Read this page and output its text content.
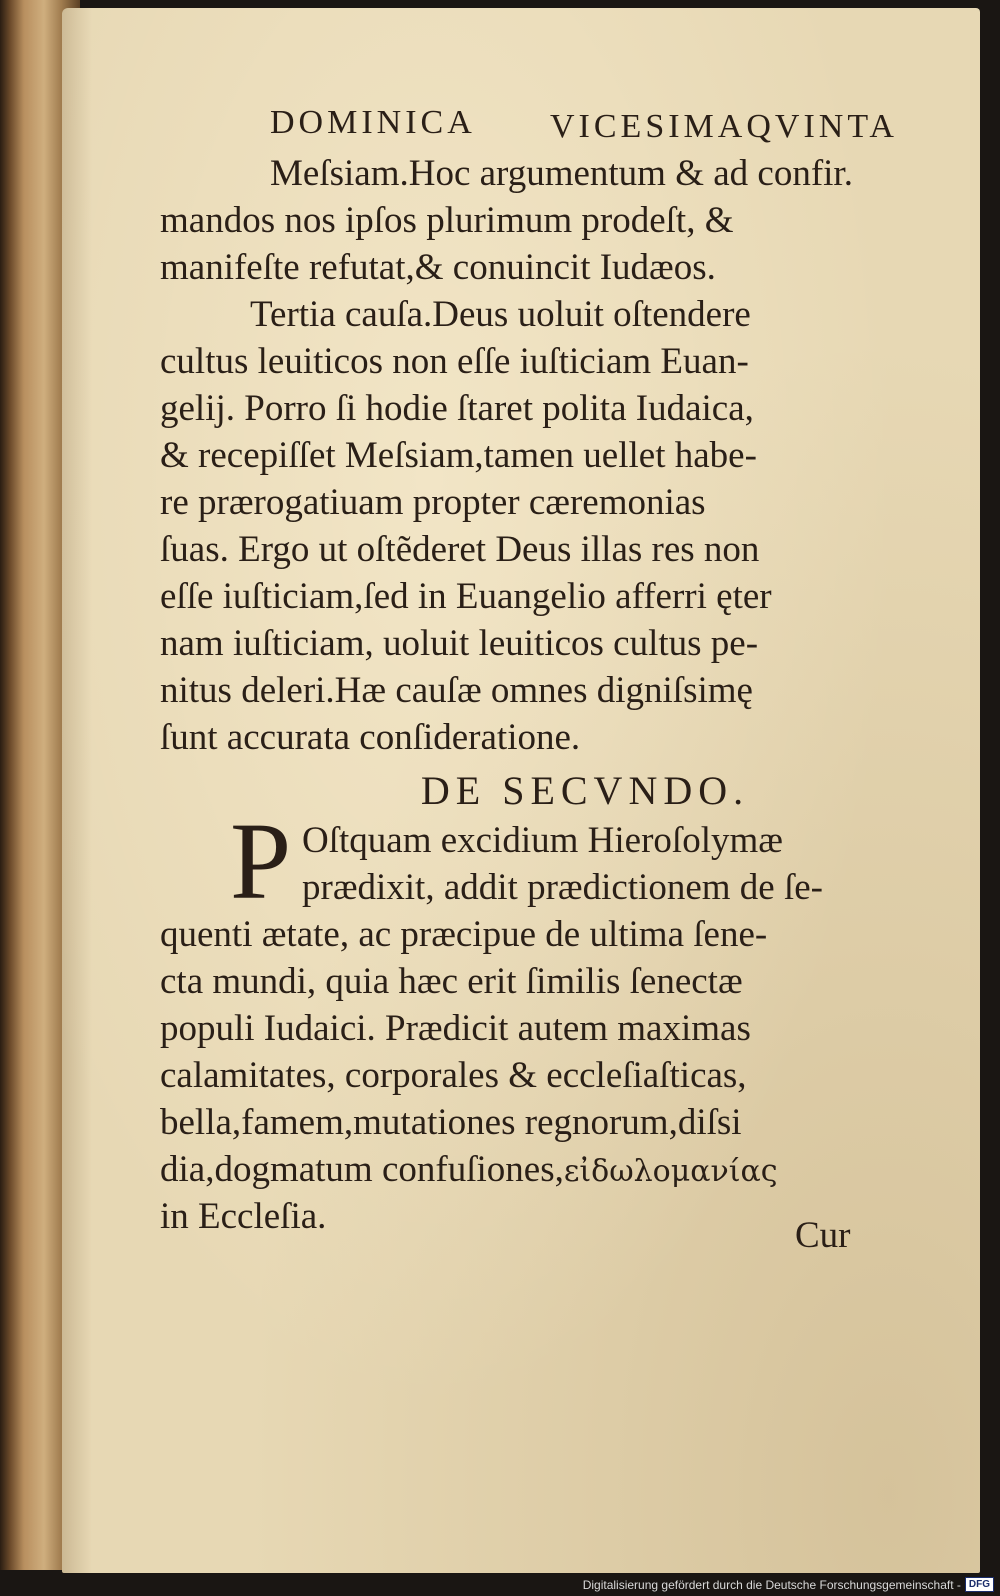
DOMINICA VICESIMAQVINTA
Meſsiam.Hoc argumentum & ad confir.
mandos nos ipſos plurimum prodeſt, &
manifeſte refutat,& conuincit Iudæos.
Tertia cauſa.Deus uoluit oſtendere
cultus leuiticos non eſſe iuſticiam Euan-
gelij. Porro ſi hodie ſtaret polita Iudaica,
& recepiſſet Meſsiam,tamen uellet habe-
re prærogatiuam propter cæremonias
ſuas. Ergo ut oſtẽderet Deus illas res non
eſſe iuſticiam,ſed in Euangelio afferri ęter
nam iuſticiam, uoluit leuiticos cultus pe-
nitus deleri.Hæ cauſæ omnes digniſsimę
ſunt accurata conſideratione.
DE SECVNDO.
P Oſtquam excidium Hieroſolymæ
prædixit, addit prædictionem de ſe-
quenti ætate, ac præcipue de ultima ſene-
cta mundi, quia hæc erit ſimilis ſenectæ
populi Iudaici. Prædicit autem maximas
calamitates, corporales & eccleſiaſticas,
bella,famem,mutationes regnorum,diſsi
dia,dogmatum confuſiones,εἰδωλομανίας
in Eccleſia.	Cur
Digitalisierung gefördert durch die Deutsche Forschungsgemeinschaft - DFG
